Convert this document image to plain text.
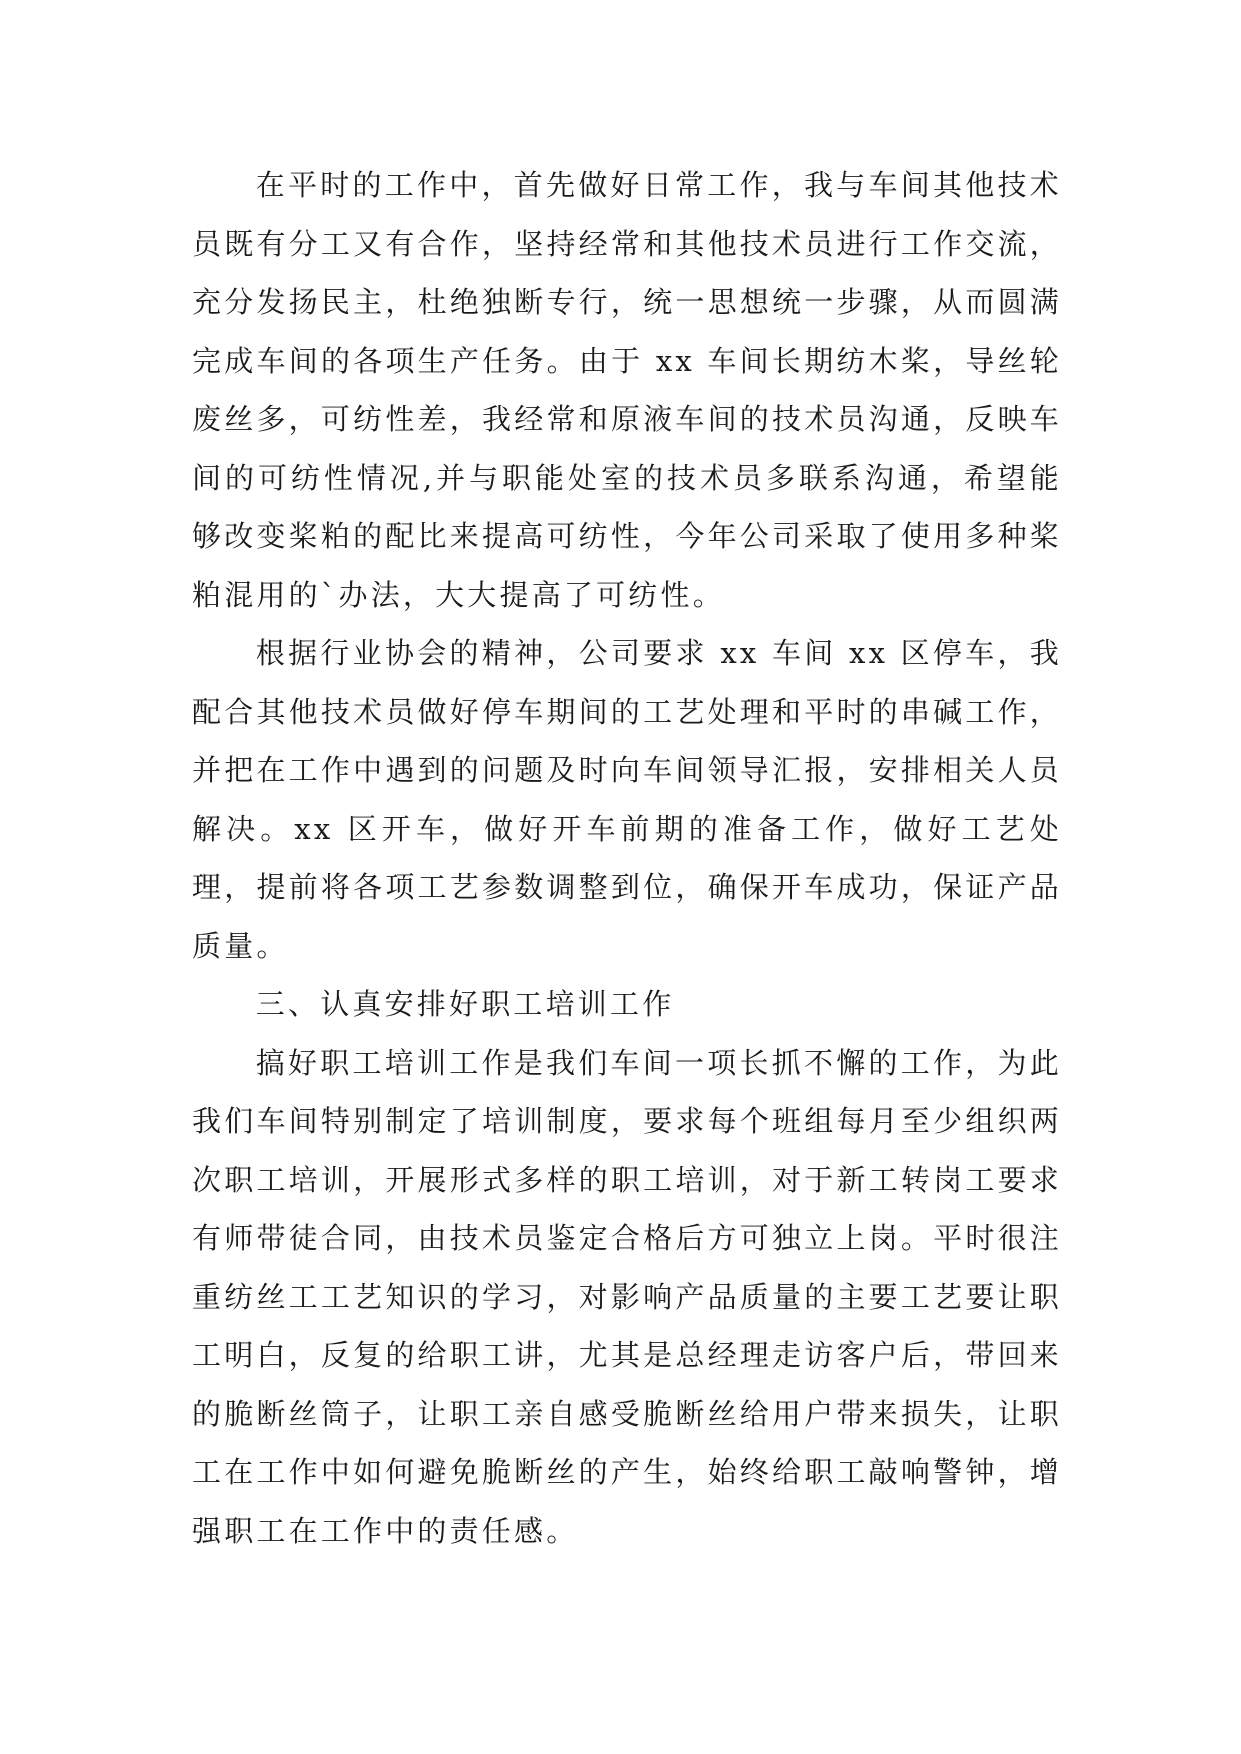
在平时的工作中，首先做好日常工作，我与车间其他技术员既有分工又有合作，坚持经常和其他技术员进行工作交流，充分发扬民主，杜绝独断专行，统一思想统一步骤，从而圆满完成车间的各项生产任务。由于 xx 车间长期纺木桨，导丝轮废丝多，可纺性差，我经常和原液车间的技术员沟通，反映车间的可纺性情况,并与职能处室的技术员多联系沟通，希望能够改变桨粕的配比来提高可纺性，今年公司采取了使用多种桨粕混用的`办法，大大提高了可纺性。

根据行业协会的精神，公司要求 xx 车间 xx 区停车，我配合其他技术员做好停车期间的工艺处理和平时的串碱工作，并把在工作中遇到的问题及时向车间领导汇报，安排相关人员解决。xx 区开车，做好开车前期的准备工作，做好工艺处理，提前将各项工艺参数调整到位，确保开车成功，保证产品质量。

三、认真安排好职工培训工作

搞好职工培训工作是我们车间一项长抓不懈的工作，为此我们车间特别制定了培训制度，要求每个班组每月至少组织两次职工培训，开展形式多样的职工培训，对于新工转岗工要求有师带徒合同，由技术员鉴定合格后方可独立上岗。平时很注重纺丝工工艺知识的学习，对影响产品质量的主要工艺要让职工明白，反复的给职工讲，尤其是总经理走访客户后，带回来的脆断丝筒子，让职工亲自感受脆断丝给用户带来损失，让职工在工作中如何避免脆断丝的产生，始终给职工敲响警钟，增强职工在工作中的责任感。
